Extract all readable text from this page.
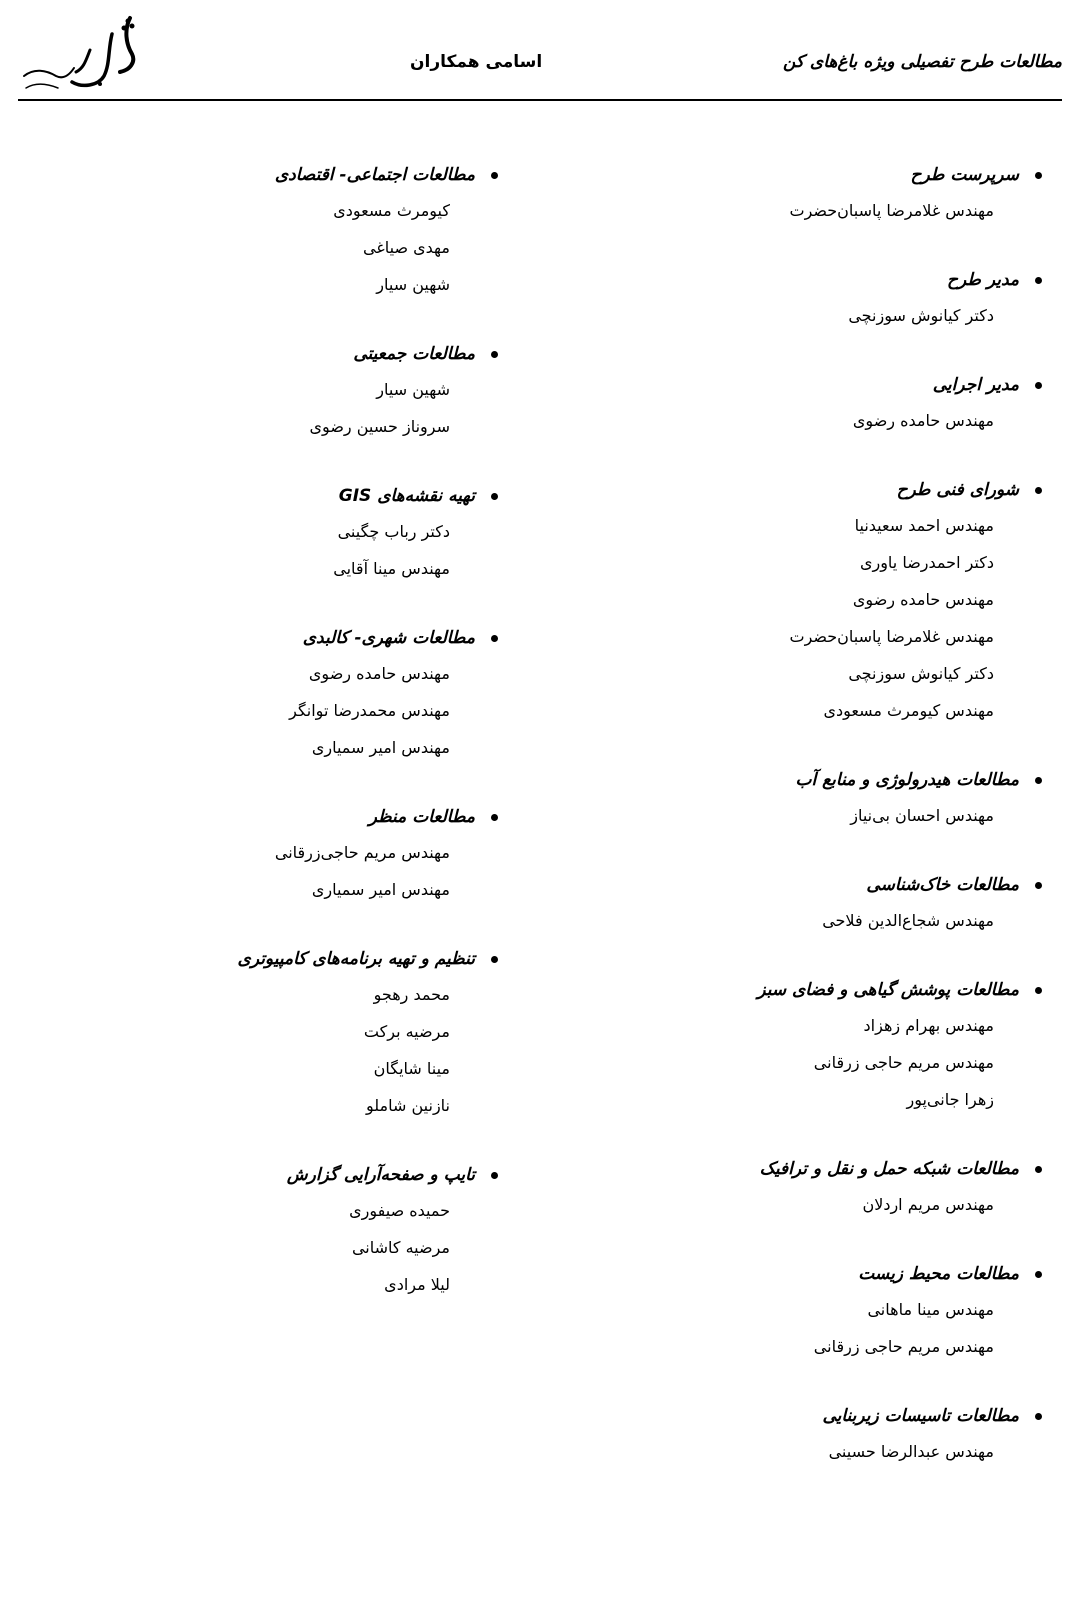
مطالعات طرح تفصیلی ویژه باغ‌های کن
اسامی همکاران
سرپرست طرح
مهندس غلامرضا پاسبان‌حضرت
مدیر طرح
دکتر کیانوش سوزنچی
مدیر اجرایی
مهندس حامده رضوی
شورای فنی طرح
مهندس احمد سعیدنیا
دکتر احمدرضا یاوری
مهندس حامده رضوی
مهندس غلامرضا پاسبان‌حضرت
دکتر کیانوش سوزنچی
مهندس کیومرث مسعودی
مطالعات هیدرولوژی و منابع آب
مهندس احسان بی‌نیاز
مطالعات خاک‌شناسی
مهندس شجاع‌الدین فلاحی
مطالعات پوشش گیاهی و فضای سبز
مهندس بهرام زهزاد
مهندس مریم حاجی زرقانی
زهرا جانی‌پور
مطالعات شبکه حمل و نقل و ترافیک
مهندس مریم اردلان
مطالعات محیط زیست
مهندس مینا ماهانی
مهندس مریم حاجی زرقانی
مطالعات تاسیسات زیربنایی
مهندس عبدالرضا حسینی
مطالعات اجتماعی- اقتصادی
کیومرث مسعودی
مهدی صیاغی
شهین سیار
مطالعات جمعیتی
شهین سیار
سروناز حسین رضوی
تهیه نقشه‌های GIS
دکتر رباب چگینی
مهندس مینا آقایی
مطالعات شهری- کالبدی
مهندس حامده رضوی
مهندس محمدرضا توانگر
مهندس امیر سمیاری
مطالعات منظر
مهندس مریم حاجی‌زرقانی
مهندس امیر سمیاری
تنظیم و تهیه برنامه‌های کامپیوتری
محمد رهجو
مرضیه برکت
مینا شایگان
نازنین شاملو
تایپ و صفحه‌آرایی گزارش
حمیده صیفوری
مرضیه کاشانی
لیلا مرادی
